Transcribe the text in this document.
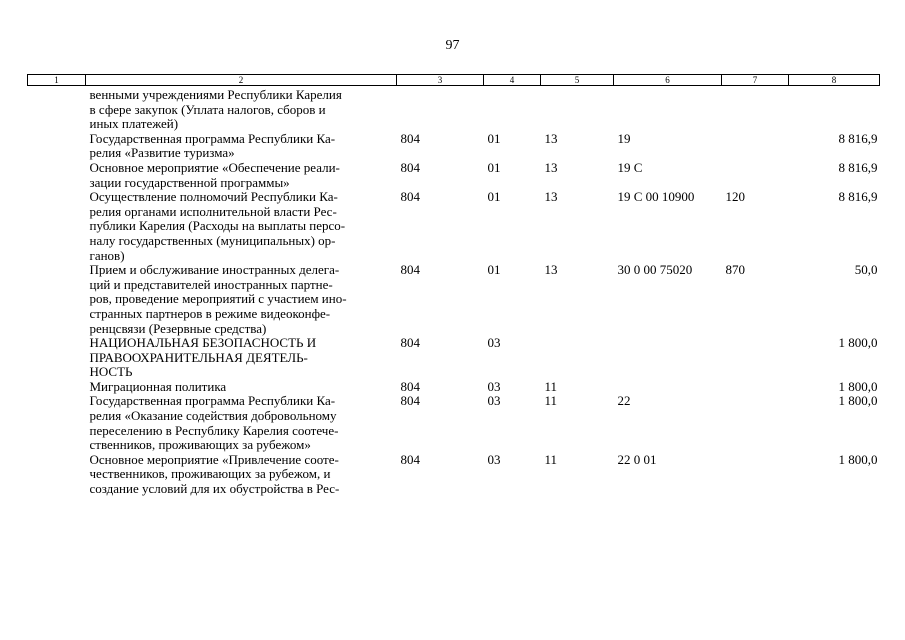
97
1	2	3	4	5	6	7	8

	венными учреждениями Республики Карелия
в сфере закупок (Уплата налогов, сборов и
иных платежей)						

	Государственная программа Республики Ка-
релия «Развитие туризма»	804	01	13	19		8 816,9

	Основное мероприятие «Обеспечение реали-
зации государственной программы»	804	01	13	19 С		8 816,9

	Осуществление полномочий Республики Ка-
релия органами исполнительной власти Рес-
публики Карелия (Расходы на выплаты персо-
налу государственных (муниципальных) ор-
ганов)	804	01	13	19 С 00 10900	120	8 816,9

	Прием и обслуживание иностранных делега-
ций и представителей иностранных партне-
ров, проведение мероприятий с участием ино-
странных партнеров в режиме видеоконфе-
ренцсвязи (Резервные средства)	804	01	13	30 0 00 75020	870	50,0

	НАЦИОНАЛЬНАЯ БЕЗОПАСНОСТЬ И
ПРАВООХРАНИТЕЛЬНАЯ ДЕЯТЕЛЬ-
НОСТЬ	804	03				1 800,0

	Миграционная политика	804	03	11			1 800,0

	Государственная программа Республики Ка-
релия «Оказание содействия добровольному
переселению в Республику Карелия соотече-
ственников, проживающих за рубежом»	804	03	11	22		1 800,0

	Основное мероприятие «Привлечение сооте-
чественников, проживающих за рубежом, и
создание условий для их обустройства в Рес-	804	03	11	22 0 01		1 800,0
